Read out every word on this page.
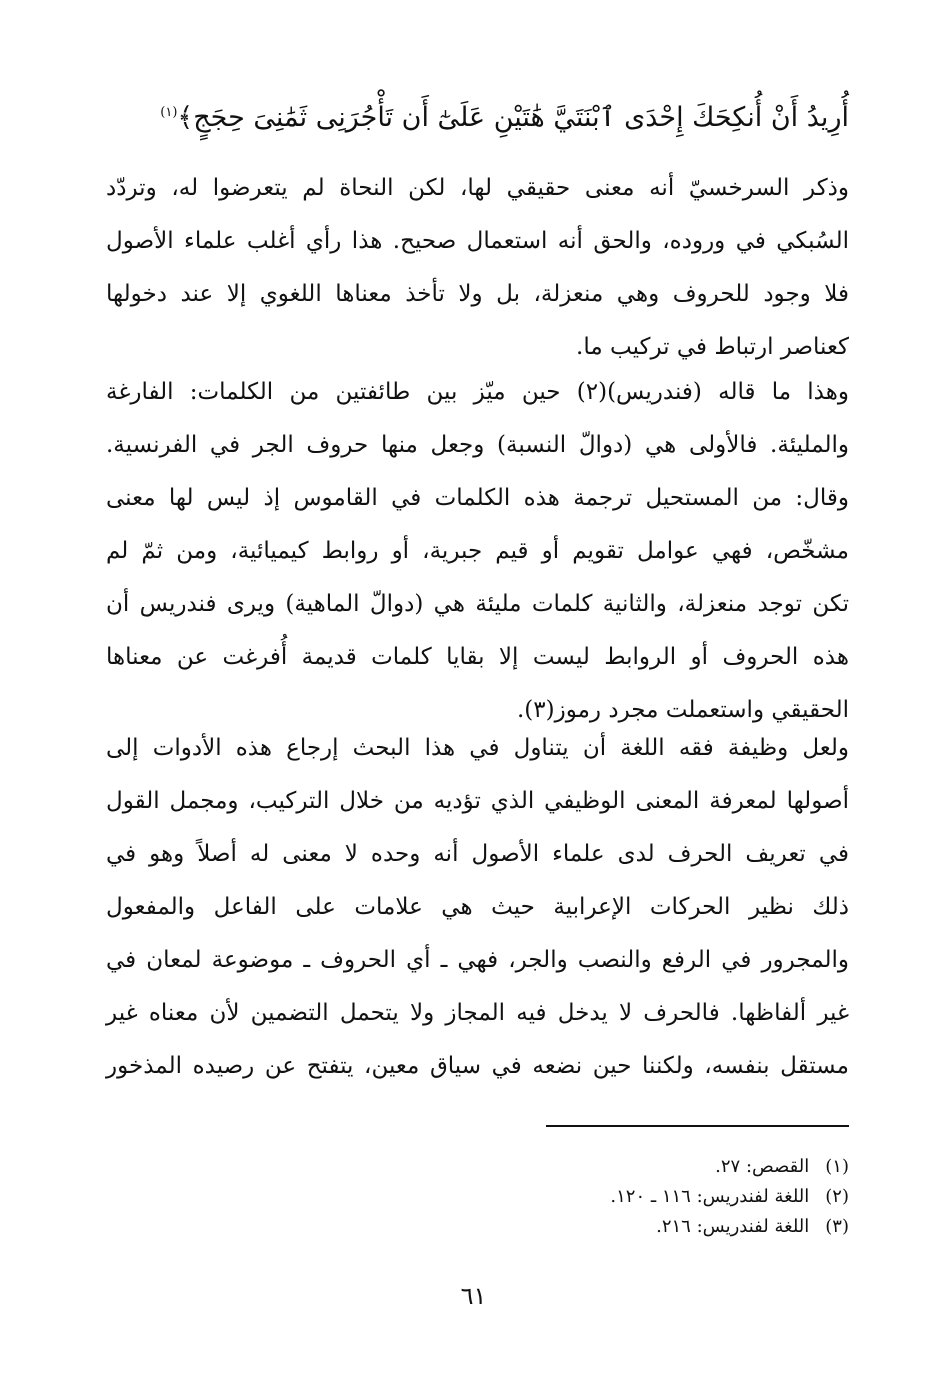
أُرِيدُ أَنْ أُنكِحَكَ إِحْدَى ٱبْنَتَيَّ هَٰتَيْنِ عَلَىٰٓ أَن تَأْجُرَنِى ثَمَٰنِىَ حِجَجٍ﴾$^{(١)}$
وذكر السرخسيّ أنه معنى حقيقي لها، لكن النحاة لم يتعرضوا له، وتردّد
السُبكي في وروده، والحق أنه استعمال صحيح. هذا رأي أغلب علماء الأصول
فلا وجود للحروف وهي منعزلة، بل ولا تأخذ معناها اللغوي إلا عند دخولها
كعناصر ارتباط في تركيب ما.
وهذا ما قاله (فندريس)(٢) حين ميّز بين طائفتين من الكلمات: الفارغة
والمليئة. فالأولى هي (دوالّ النسبة) وجعل منها حروف الجر في الفرنسية.
وقال: من المستحيل ترجمة هذه الكلمات في القاموس إذ ليس لها معنى
مشخّص، فهي عوامل تقويم أو قيم جبرية، أو روابط كيميائية، ومن ثمّ لم
تكن توجد منعزلة، والثانية كلمات مليئة هي (دوالّ الماهية) ويرى فندريس أن
هذه الحروف أو الروابط ليست إلا بقايا كلمات قديمة أُفرغت عن معناها
الحقيقي واستعملت مجرد رموز(٣).
ولعل وظيفة فقه اللغة أن يتناول في هذا البحث إرجاع هذه الأدوات إلى
أصولها لمعرفة المعنى الوظيفي الذي تؤديه من خلال التركيب، ومجمل القول
في تعريف الحرف لدى علماء الأصول أنه وحده لا معنى له أصلاً وهو في
ذلك نظير الحركات الإعرابية حيث هي علامات على الفاعل والمفعول
والمجرور في الرفع والنصب والجر، فهي ـ أي الحروف ـ موضوعة لمعان في
غير ألفاظها. فالحرف لا يدخل فيه المجاز ولا يتحمل التضمين لأن معناه غير
مستقل بنفسه، ولكننا حين نضعه في سياق معين، يتفتح عن رصيده المذخور
(١) القصص: ٢٧.
(٢) اللغة لفندريس: ١١٦ ـ ١٢٠.
(٣) اللغة لفندريس: ٢١٦.
٦١
